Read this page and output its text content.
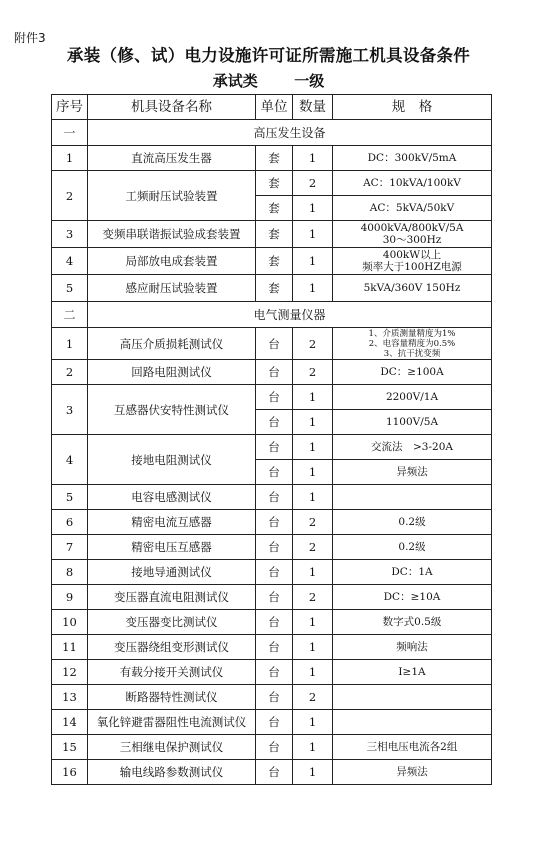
附件3
承装（修、试）电力设施许可证所需施工机具设备条件
承试类 一级
序号	机具设备名称	单位	数量	规　格
一	高压发生设备			
1	直流高压发生器	套	1	DC：300kV/5mA

2	工频耐压试验装置	套	2	AC：10kVA/100kV

		套	1	AC：5kVA/50kV

3	变频串联谐振试验成套装置	套	1	4000kVA/800kV/5A
30～300Hz

4	局部放电成套装置	套	1	400kW以上
频率大于100HZ电源

5	感应耐压试验装置	套	1	5kVA/360V 150Hz

二	电气测量仪器			
1	高压介质损耗测试仪	台	2	1、介质测量精度为1%
2、电容量精度为0.5%
3、抗干扰变频

2	回路电阻测试仪	台	2	DC：≥100A

3	互感器伏安特性测试仪	台	1	2200V/1A

		台	1	1100V/5A

4	接地电阻测试仪	台	1	交流法　>3-20A

		台	1	异频法

5	电容电感测试仪	台	1	

6	精密电流互感器	台	2	0.2级

7	精密电压互感器	台	2	0.2级

8	接地导通测试仪	台	1	DC：1A

9	变压器直流电阻测试仪	台	2	DC：≥10A

10	变压器变比测试仪	台	1	数字式0.5级

11	变压器绕组变形测试仪	台	1	频响法

12	有载分接开关测试仪	台	1	I≥1A

13	断路器特性测试仪	台	2	

14	氧化锌避雷器阻性电流测试仪	台	1	

15	三相继电保护测试仪	台	1	三相电压电流各2组

16	输电线路参数测试仪	台	1	异频法
